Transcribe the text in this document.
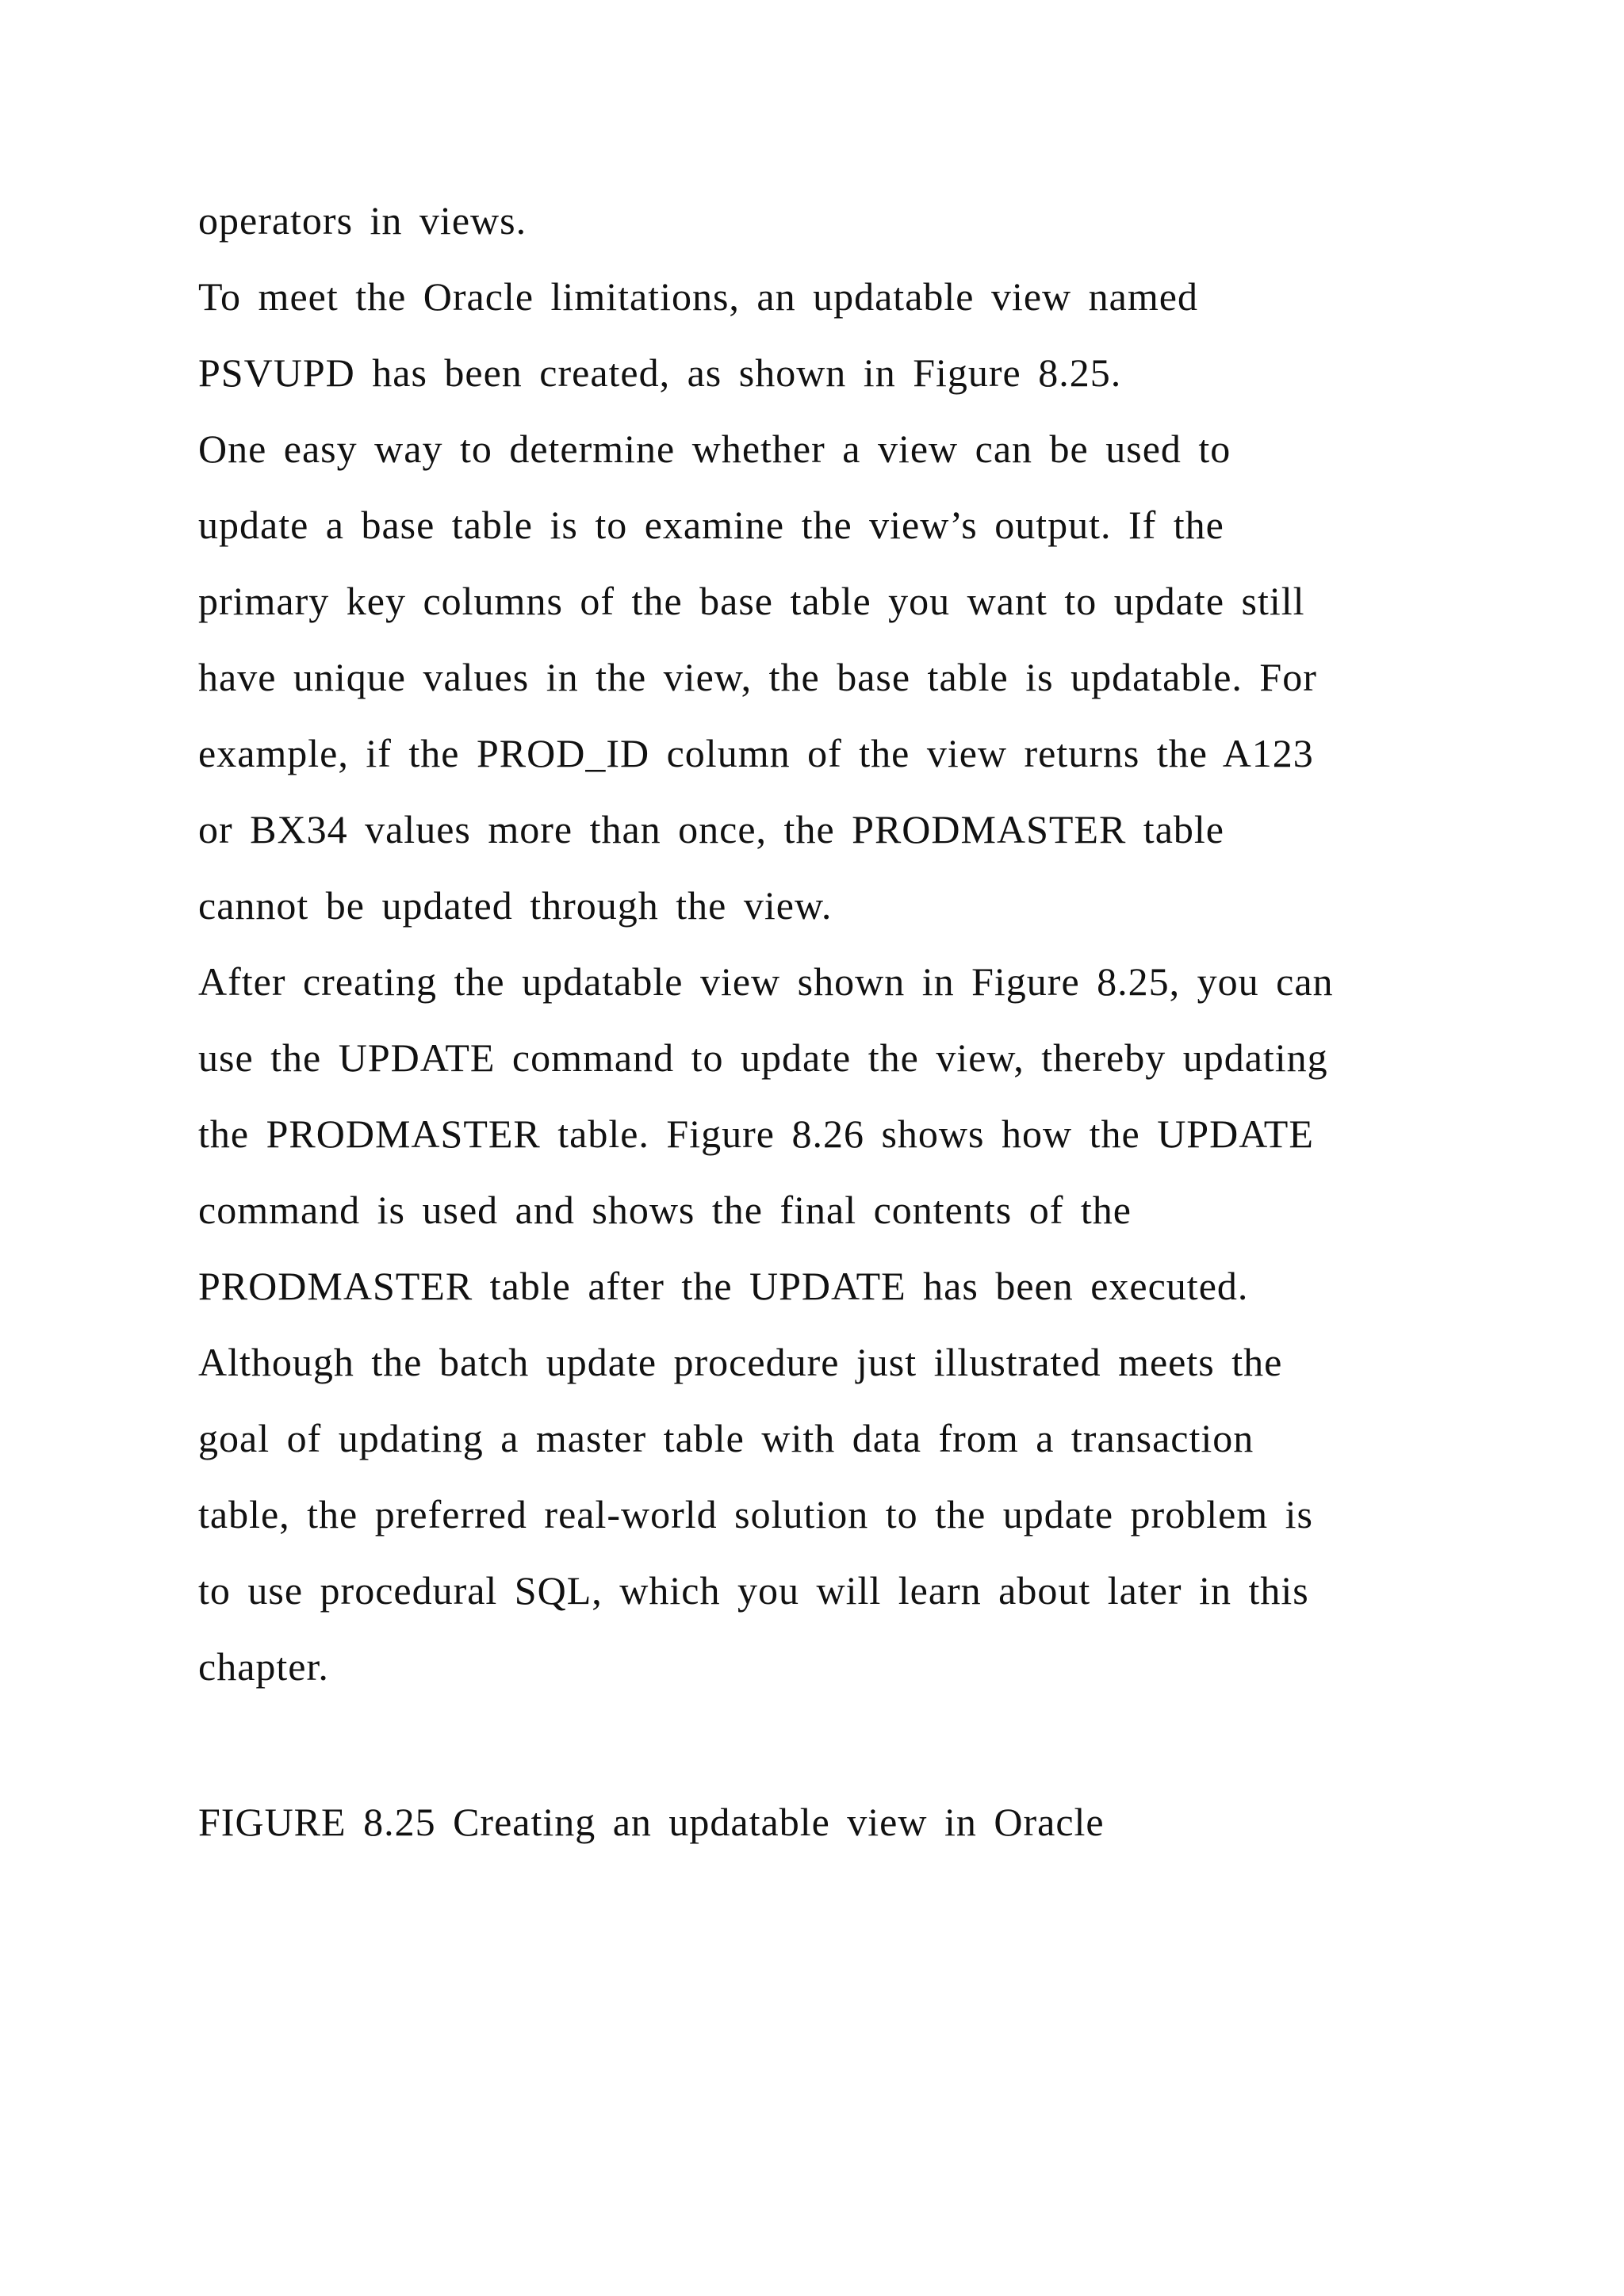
operators in views.
To meet the Oracle limitations, an updatable view named
PSVUPD has been created, as shown in Figure 8.25.
One easy way to determine whether a view can be used to
update a base table is to examine the view’s output. If the
primary key columns of the base table you want to update still
have unique values in the view, the base table is updatable. For
example, if the PROD_ID column of the view returns the A123
or BX34 values more than once, the PRODMASTER table
cannot be updated through the view.
After creating the updatable view shown in Figure 8.25, you can
use the UPDATE command to update the view, thereby updating
the PRODMASTER table. Figure 8.26 shows how the UPDATE
command is used and shows the final contents of the
PRODMASTER table after the UPDATE has been executed.
Although the batch update procedure just illustrated meets the
goal of updating a master table with data from a transaction
table, the preferred real-world solution to the update problem is
to use procedural SQL, which you will learn about later in this
chapter.
FIGURE 8.25 Creating an updatable view in Oracle
